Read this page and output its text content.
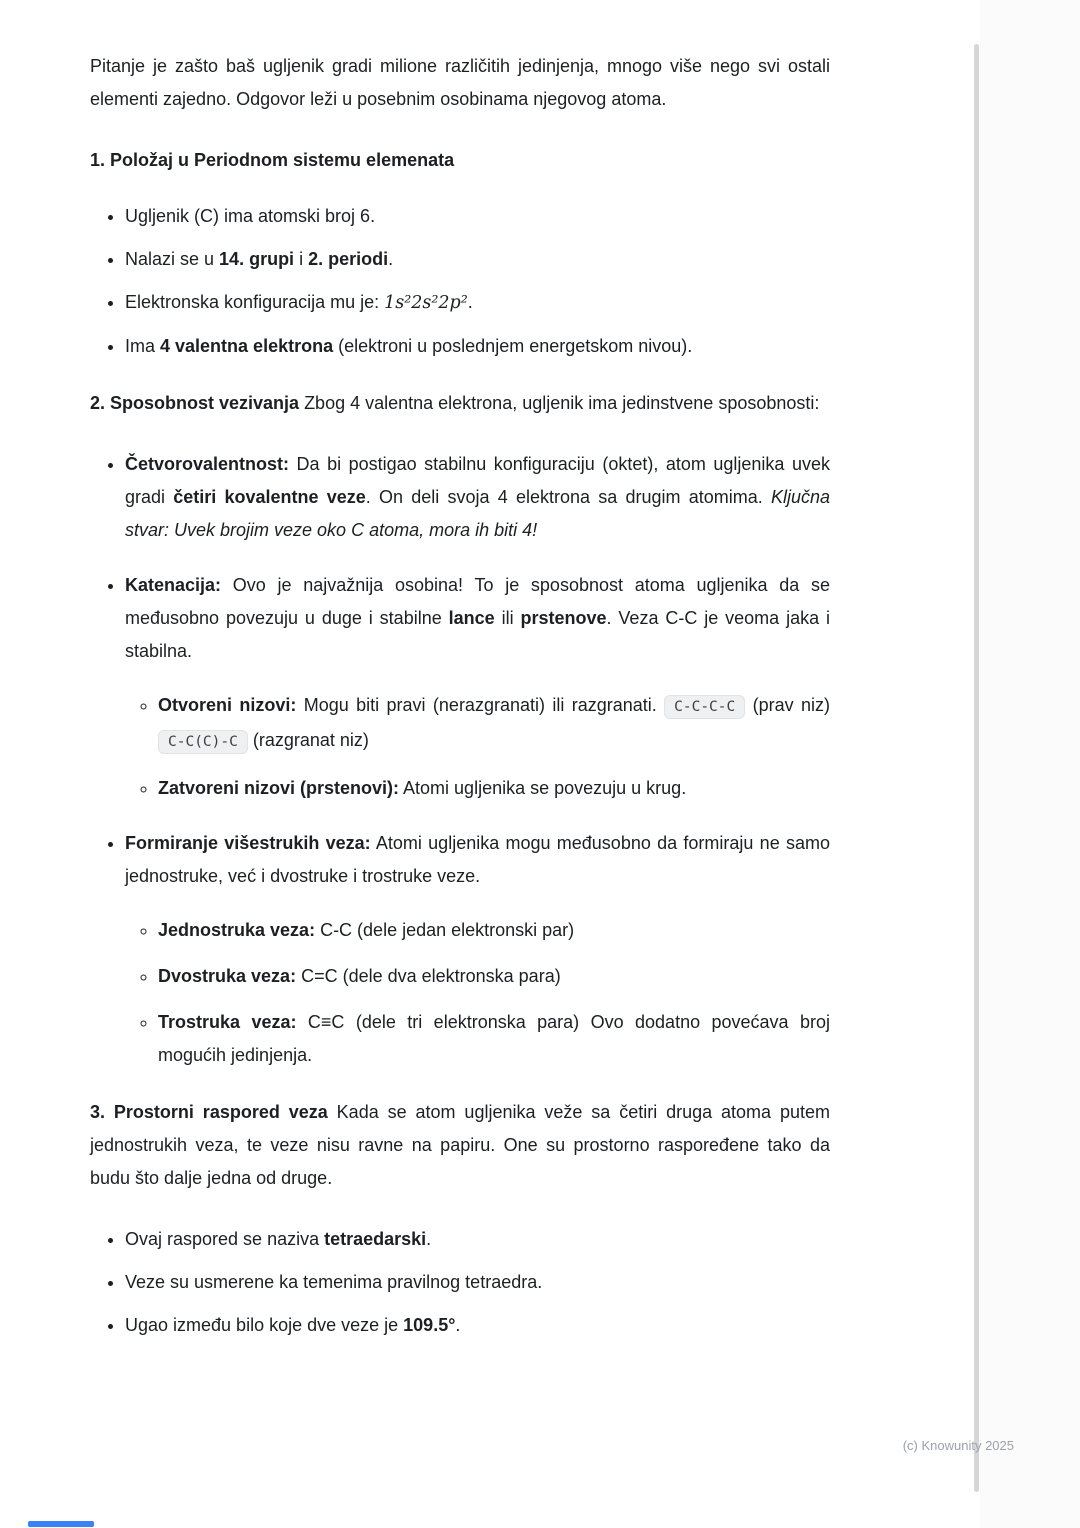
Pitanje je zašto baš ugljenik gradi milione različitih jedinjenja, mnogo više nego svi ostali elementi zajedno. Odgovor leži u posebnim osobinama njegovog atoma.

1. Položaj u Periodnom sistemu elemenata
• Ugljenik (C) ima atomski broj 6.
• Nalazi se u 14. grupi i 2. periodi.
• Elektronska konfiguracija mu je: 1s²2s²2p².
• Ima 4 valentna elektrona (elektroni u poslednjem energetskom nivou).

2. Sposobnost vezivanja Zbog 4 valentna elektrona, ugljenik ima jedinstvene sposobnosti:

• Četvorovalentnost: Da bi postigao stabilnu konfiguraciju (oktet), atom ugljenika uvek gradi četiri kovalentne veze. On deli svoja 4 elektrona sa drugim atomima. Ključna stvar: Uvek brojim veze oko C atoma, mora ih biti 4!
• Katenacija: Ovo je najvažnija osobina! To je sposobnost atoma ugljenika da se međusobno povezuju u duge i stabilne lance ili prstenove. Veza C-C je veoma jaka i stabilna.
◦ Otvoreni nizovi: Mogu biti pravi (nerazgranati) ili razgranati. C-C-C-C (prav niz) C-C(C)-C (razgranat niz)
◦ Zatvoreni nizovi (prstenovi): Atomi ugljenika se povezuju u krug.
• Formiranje višestrukih veza: Atomi ugljenika mogu međusobno da formiraju ne samo jednostruke, već i dvostruke i trostruke veze.
◦ Jednostruka veza: C-C (dele jedan elektronski par)
◦ Dvostruka veza: C=C (dele dva elektronska para)
◦ Trostruka veza: C≡C (dele tri elektronska para) Ovo dodatno povećava broj mogućih jedinjenja.

3. Prostorni raspored veza Kada se atom ugljenika veže sa četiri druga atoma putem jednostrukih veza, te veze nisu ravne na papiru. One su prostorno raspoređene tako da budu što dalje jedna od druge.

• Ovaj raspored se naziva tetraedarski.
• Veze su usmerene ka temenima pravilnog tetraedra.
• Ugao između bilo koje dve veze je 109.5°.
(c) Knowunity 2025
